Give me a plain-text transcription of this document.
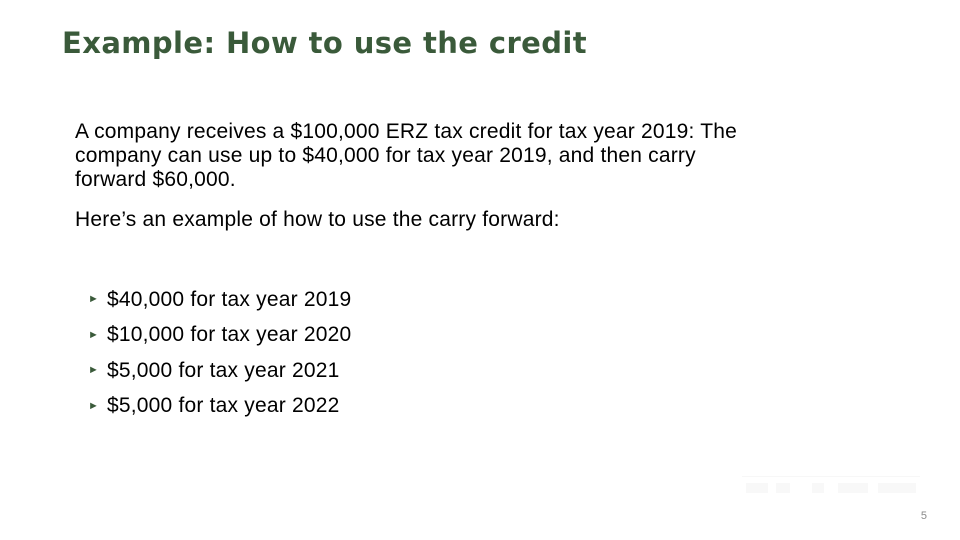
Example: How to use the credit

A company receives a $100,000 ERZ tax credit for tax year 2019: The company can use up to $40,000 for tax year 2019, and then carry forward $60,000.

Here’s an example of how to use the carry forward:

► $40,000 for tax year 2019
► $10,000 for tax year 2020
► $5,000 for tax year 2021
► $5,000 for tax year 2022
5
